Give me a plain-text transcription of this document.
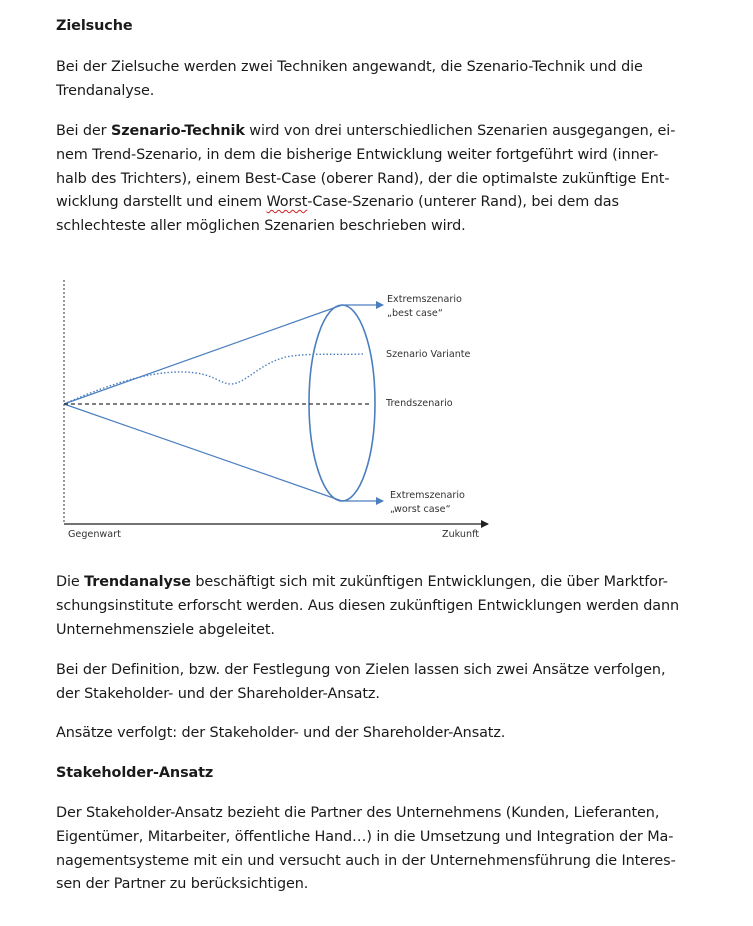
Zielsuche
Bei der Zielsuche werden zwei Techniken angewandt, die Szenario-Technik und die
Trendanalyse.
Bei der Szenario-Technik wird von drei unterschiedlichen Szenarien ausgegangen, ei-
nem Trend-Szenario, in dem die bisherige Entwicklung weiter fortgeführt wird (inner-
halb des Trichters), einem Best-Case (oberer Rand), der die optimalste zukünftige Ent-
wicklung darstellt und einem Worst-Case-Szenario (unterer Rand), bei dem das
schlechteste aller möglichen Szenarien beschrieben wird.
Extremszenario
„best case“
Szenario Variante
Trendszenario
Extremszenario
„worst case“
Gegenwart	Zukunft
Die Trendanalyse beschäftigt sich mit zukünftigen Entwicklungen, die über Marktfor-
schungsinstitute erforscht werden. Aus diesen zukünftigen Entwicklungen werden dann
Unternehmensziele abgeleitet.
Bei der Definition, bzw. der Festlegung von Zielen lassen sich zwei Ansätze verfolgen,
der Stakeholder- und der Shareholder-Ansatz.
Ansätze verfolgt: der Stakeholder- und der Shareholder-Ansatz.
Stakeholder-Ansatz
Der Stakeholder-Ansatz bezieht die Partner des Unternehmens (Kunden, Lieferanten,
Eigentümer, Mitarbeiter, öffentliche Hand…) in die Umsetzung und Integration der Ma-
nagementsysteme mit ein und versucht auch in der Unternehmensführung die Interes-
sen der Partner zu berücksichtigen.
